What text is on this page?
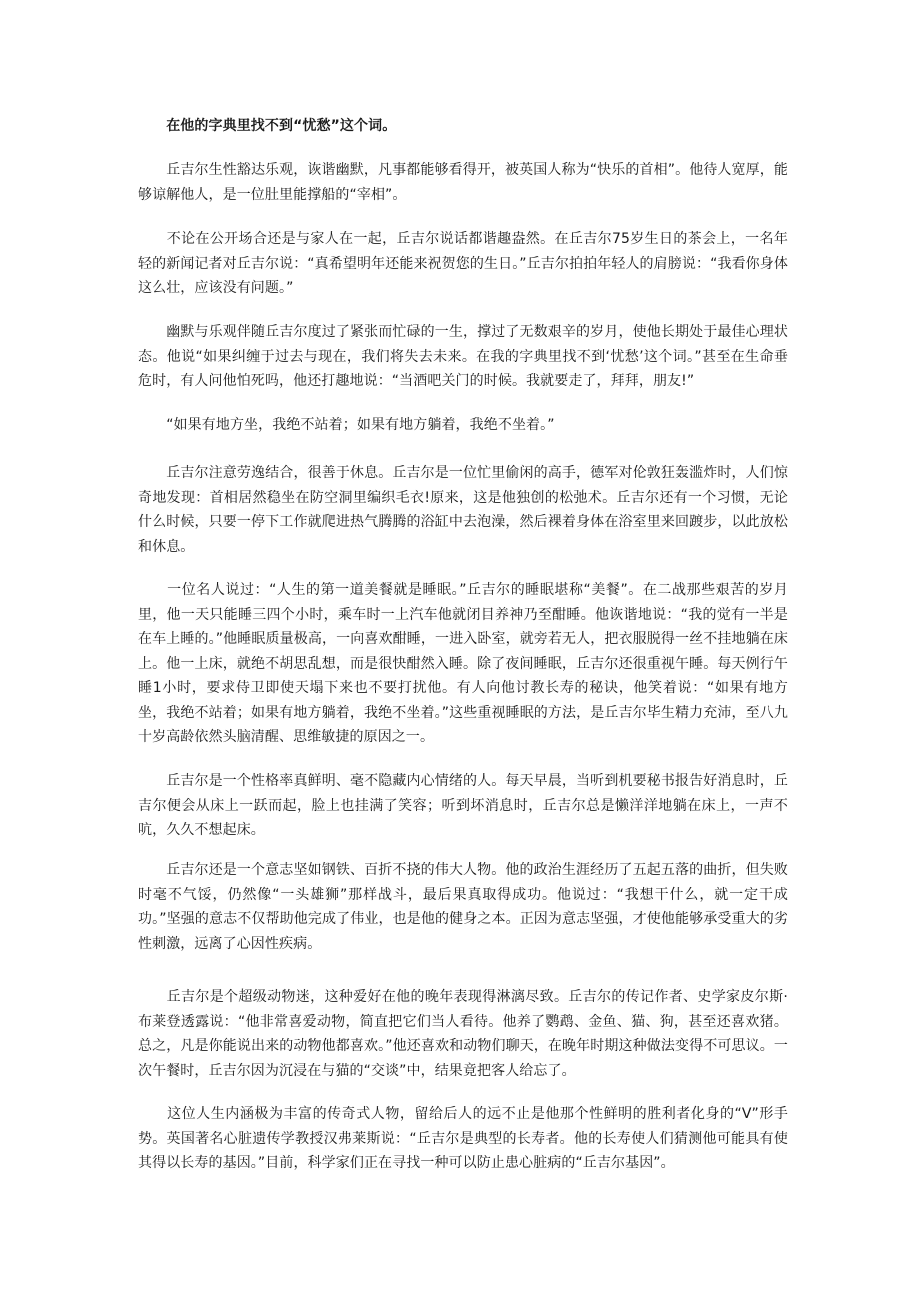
　　在他的字典里找不到“忧愁”这个词。

　　丘吉尔生性豁达乐观，诙谐幽默，凡事都能够看得开，被英国人称为“快乐的首相”。他待人宽厚，能够谅解他人，是一位肚里能撑船的“宰相”。

　　不论在公开场合还是与家人在一起，丘吉尔说话都谐趣盎然。在丘吉尔75岁生日的茶会上，一名年轻的新闻记者对丘吉尔说：“真希望明年还能来祝贺您的生日。”丘吉尔拍拍年轻人的肩膀说：“我看你身体这么壮，应该没有问题。”

　　幽默与乐观伴随丘吉尔度过了紧张而忙碌的一生，撑过了无数艰辛的岁月，使他长期处于最佳心理状态。他说“如果纠缠于过去与现在，我们将失去未来。在我的字典里找不到‘忧愁’这个词。”甚至在生命垂危时，有人问他怕死吗，他还打趣地说：“当酒吧关门的时候。我就要走了，拜拜，朋友!”

　　“如果有地方坐，我绝不站着；如果有地方躺着，我绝不坐着。”

　　丘吉尔注意劳逸结合，很善于休息。丘吉尔是一位忙里偷闲的高手，德军对伦敦狂轰滥炸时，人们惊奇地发现：首相居然稳坐在防空洞里编织毛衣!原来，这是他独创的松弛术。丘吉尔还有一个习惯，无论什么时候，只要一停下工作就爬进热气腾腾的浴缸中去泡澡，然后裸着身体在浴室里来回踱步，以此放松和休息。

　　一位名人说过：“人生的第一道美餐就是睡眠。”丘吉尔的睡眠堪称“美餐”。在二战那些艰苦的岁月里，他一天只能睡三四个小时，乘车时一上汽车他就闭目养神乃至酣睡。他诙谐地说：“我的觉有一半是在车上睡的。”他睡眠质量极高，一向喜欢酣睡，一进入卧室，就旁若无人，把衣服脱得一丝不挂地躺在床上。他一上床，就绝不胡思乱想，而是很快酣然入睡。除了夜间睡眠，丘吉尔还很重视午睡。每天例行午睡1小时，要求侍卫即使天塌下来也不要打扰他。有人向他讨教长寿的秘诀，他笑着说：“如果有地方坐，我绝不站着；如果有地方躺着，我绝不坐着。”这些重视睡眠的方法，是丘吉尔毕生精力充沛，至八九十岁高龄依然头脑清醒、思维敏捷的原因之一。

　　丘吉尔是一个性格率真鲜明、毫不隐藏内心情绪的人。每天早晨，当听到机要秘书报告好消息时，丘吉尔便会从床上一跃而起，脸上也挂满了笑容；听到坏消息时，丘吉尔总是懒洋洋地躺在床上，一声不吭，久久不想起床。

　　丘吉尔还是一个意志坚如钢铁、百折不挠的伟大人物。他的政治生涯经历了五起五落的曲折，但失败时毫不气馁，仍然像“一头雄狮”那样战斗，最后果真取得成功。他说过：“我想干什么，就一定干成功。”坚强的意志不仅帮助他完成了伟业，也是他的健身之本。正因为意志坚强，才使他能够承受重大的劣性刺激，远离了心因性疾病。

　　丘吉尔是个超级动物迷，这种爱好在他的晚年表现得淋漓尽致。丘吉尔的传记作者、史学家皮尔斯·布莱登透露说：“他非常喜爱动物，简直把它们当人看待。他养了鹦鹉、金鱼、猫、狗，甚至还喜欢猪。总之，凡是你能说出来的动物他都喜欢。”他还喜欢和动物们聊天，在晚年时期这种做法变得不可思议。一次午餐时，丘吉尔因为沉浸在与猫的“交谈”中，结果竟把客人给忘了。

　　这位人生内涵极为丰富的传奇式人物，留给后人的远不止是他那个性鲜明的胜利者化身的“V”形手势。英国著名心脏遗传学教授汉弗莱斯说：“丘吉尔是典型的长寿者。他的长寿使人们猜测他可能具有使其得以长寿的基因。”目前，科学家们正在寻找一种可以防止患心脏病的“丘吉尔基因”。
